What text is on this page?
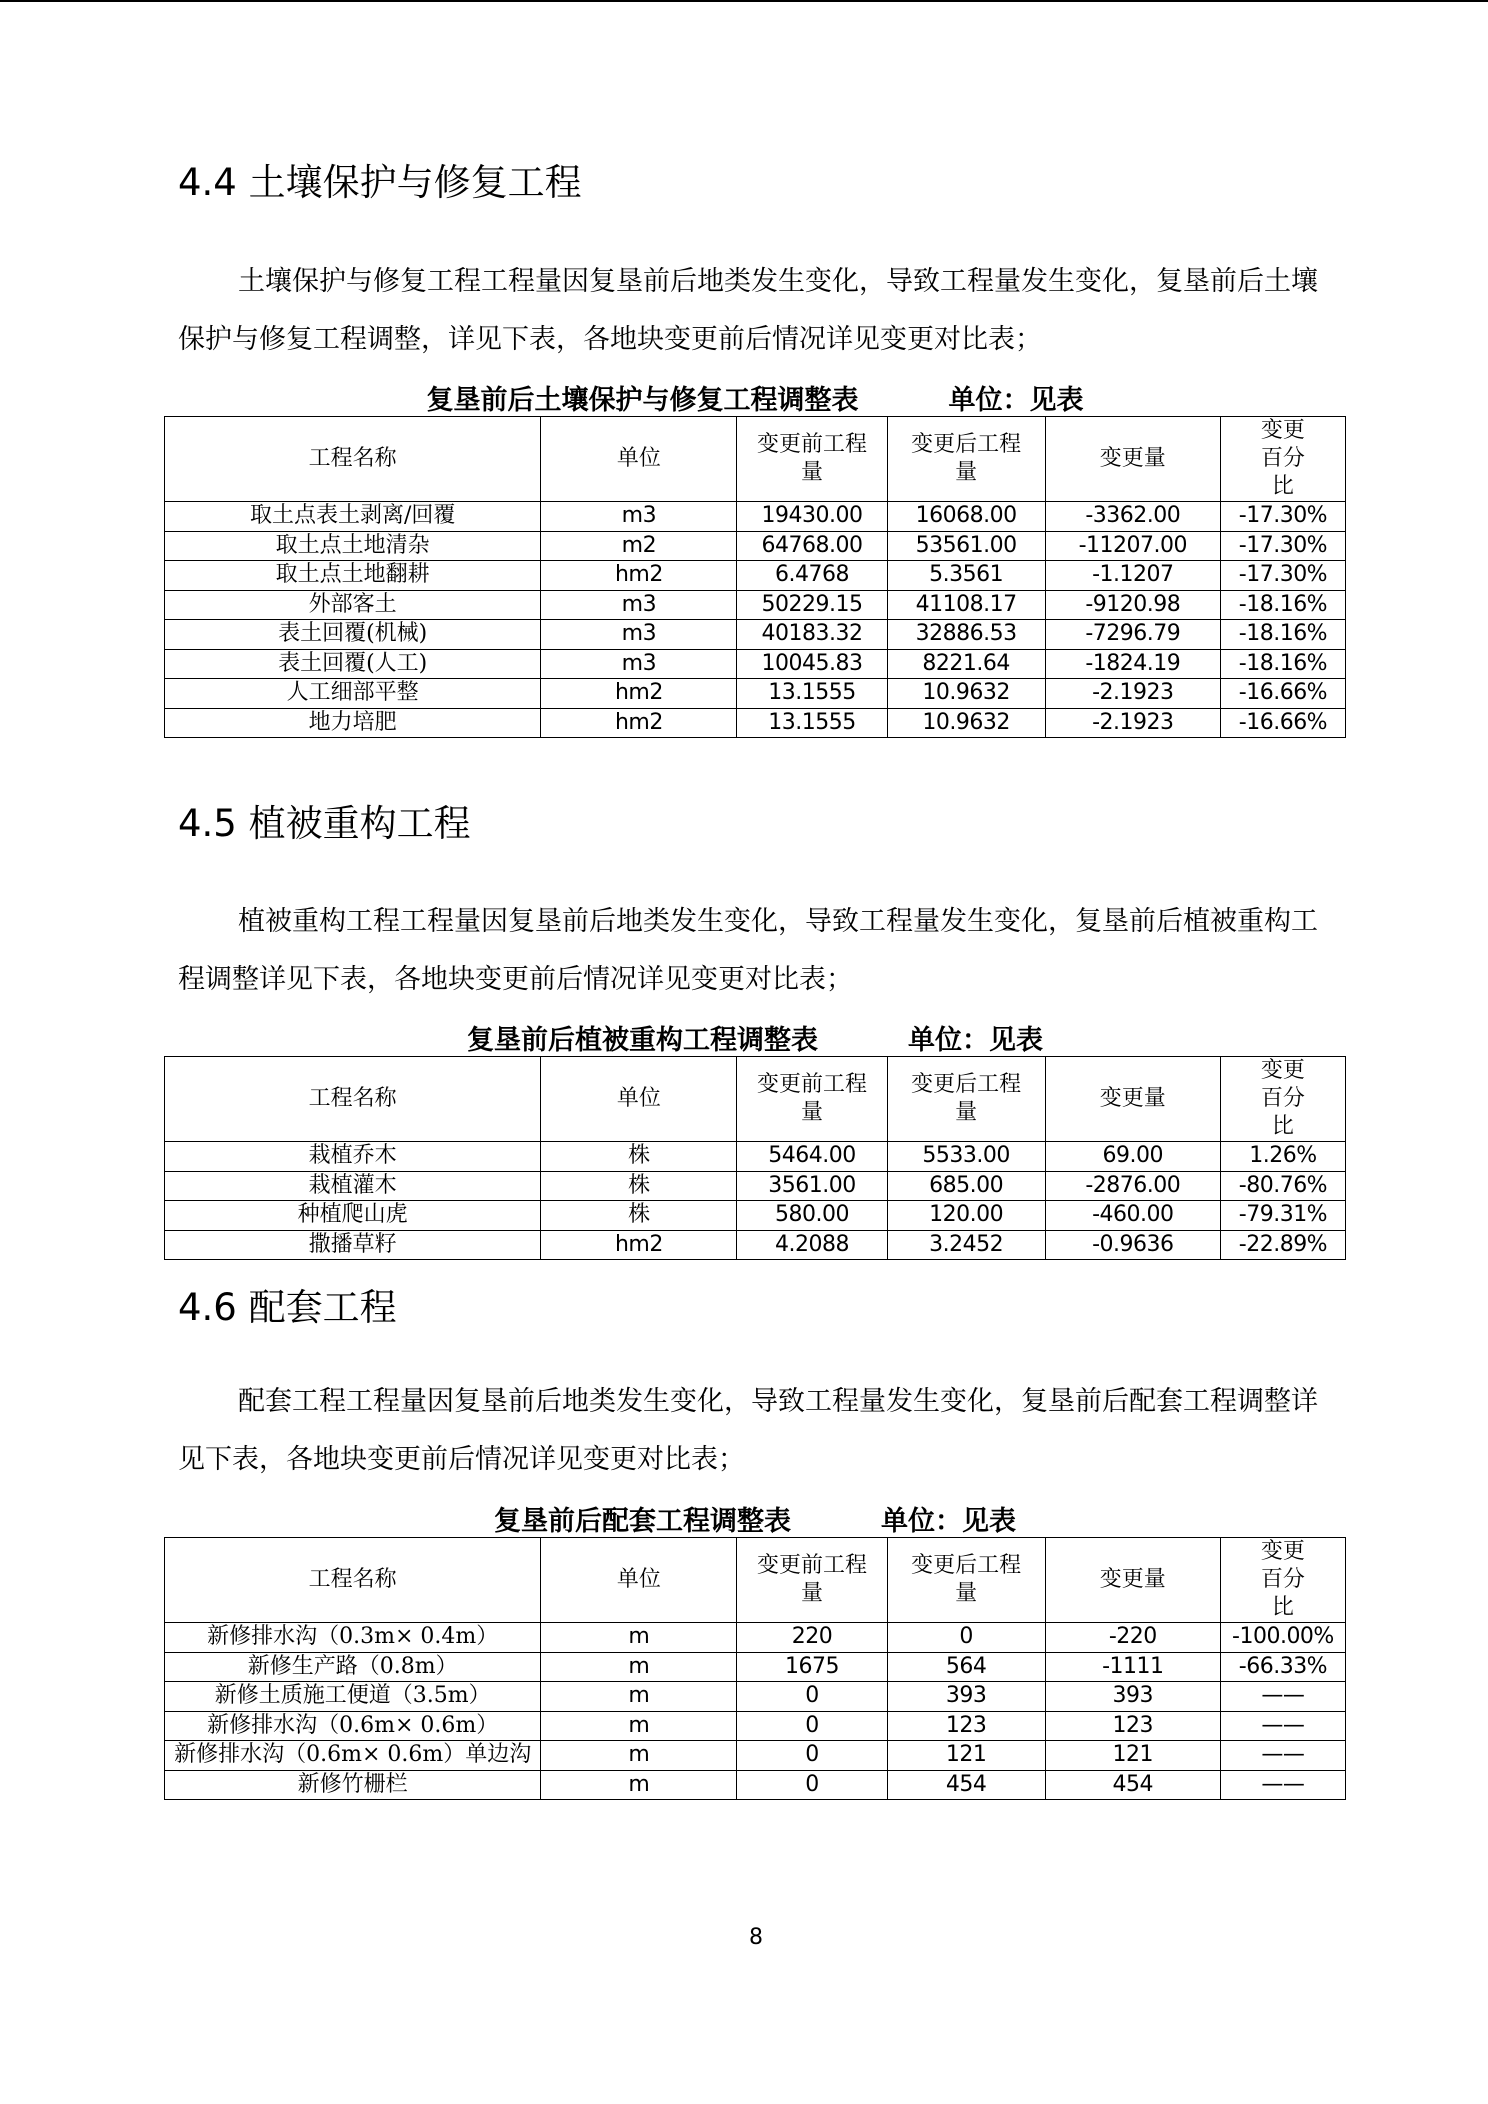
4.4 土壤保护与修复工程

土壤保护与修复工程工程量因复垦前后地类发生变化，导致工程量发生变化，复垦前后土壤保护与修复工程调整，详见下表，各地块变更前后情况详见变更对比表；

复垦前后土壤保护与修复工程调整表	单位：见表
工程名称	单位	变更前工程量	变更后工程量	变更量	变更百分比
取土点表土剥离/回覆	m3	19430.00	16068.00	-3362.00	-17.30%
取土点土地清杂	m2	64768.00	53561.00	-11207.00	-17.30%
取土点土地翻耕	hm2	6.4768	5.3561	-1.1207	-17.30%
外部客土	m3	50229.15	41108.17	-9120.98	-18.16%
表土回覆(机械)	m3	40183.32	32886.53	-7296.79	-18.16%
表土回覆(人工)	m3	10045.83	8221.64	-1824.19	-18.16%
人工细部平整	hm2	13.1555	10.9632	-2.1923	-16.66%
地力培肥	hm2	13.1555	10.9632	-2.1923	-16.66%
4.5 植被重构工程

植被重构工程工程量因复垦前后地类发生变化，导致工程量发生变化，复垦前后植被重构工程调整详见下表，各地块变更前后情况详见变更对比表；

复垦前后植被重构工程调整表	单位：见表
工程名称	单位	变更前工程量	变更后工程量	变更量	变更百分比
栽植乔木	株	5464.00	5533.00	69.00	1.26%
栽植灌木	株	3561.00	685.00	-2876.00	-80.76%
种植爬山虎	株	580.00	120.00	-460.00	-79.31%
撒播草籽	hm2	4.2088	3.2452	-0.9636	-22.89%
4.6 配套工程

配套工程工程量因复垦前后地类发生变化，导致工程量发生变化，复垦前后配套工程调整详见下表，各地块变更前后情况详见变更对比表；

复垦前后配套工程调整表	单位：见表
工程名称	单位	变更前工程量	变更后工程量	变更量	变更百分比
新修排水沟（0.3m× 0.4m）	m	220	0	-220	-100.00%
新修生产路（0.8m）	m	1675	564	-1111	-66.33%
新修土质施工便道（3.5m）	m	0	393	393	——
新修排水沟（0.6m× 0.6m）	m	0	123	123	——
新修排水沟（0.6m× 0.6m）单边沟	m	0	121	121	——
新修竹栅栏	m	0	454	454	——
8
